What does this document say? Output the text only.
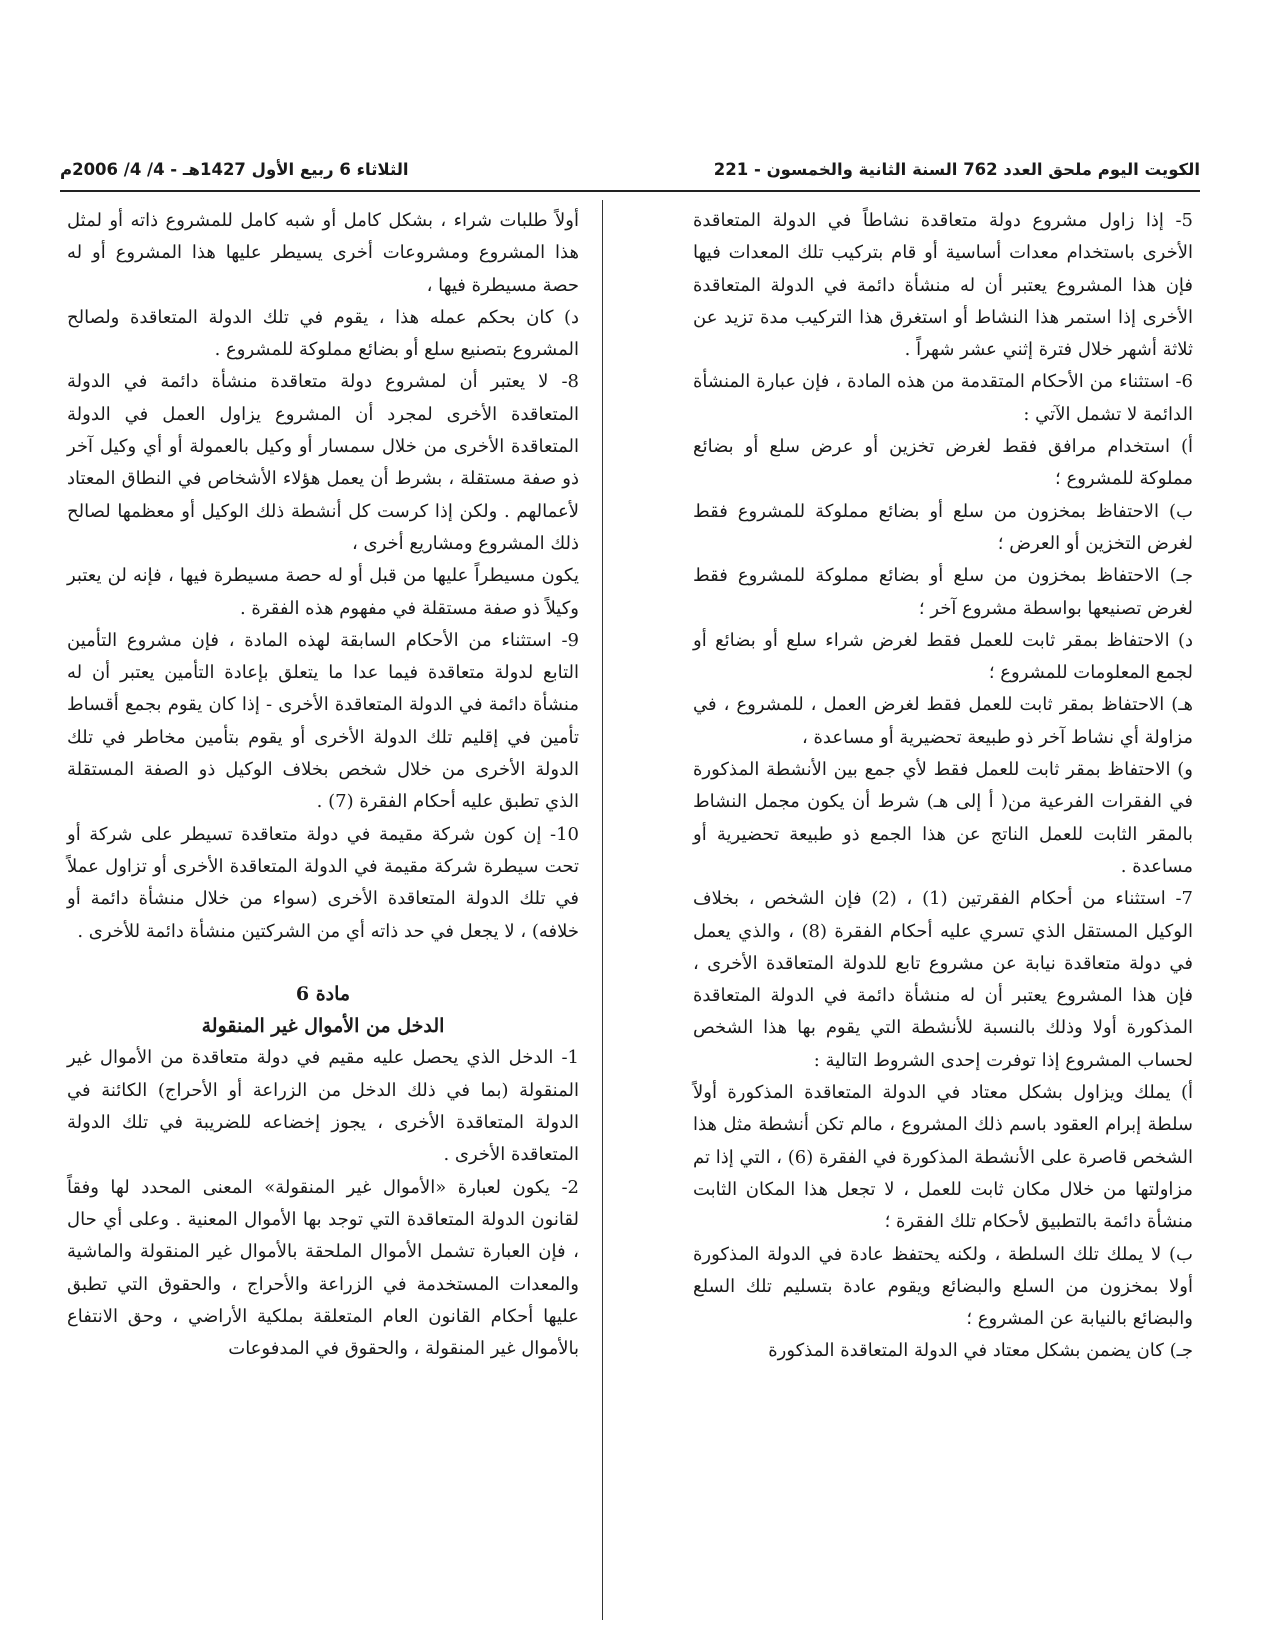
الكويت اليوم ملحق العدد 762 السنة الثانية والخمسون - 221
الثلاثاء 6 ربيع الأول 1427هـ - 4/ 4/ 2006م

5- إذا زاول مشروع دولة متعاقدة نشاطاً في الدولة المتعاقدة الأخرى باستخدام معدات أساسية أو قام بتركيب تلك المعدات فيها فإن هذا المشروع يعتبر أن له منشأة دائمة في الدولة المتعاقدة الأخرى إذا استمر هذا النشاط أو استغرق هذا التركيب مدة تزيد عن ثلاثة أشهر خلال فترة إثني عشر شهراً .

6- استثناء من الأحكام المتقدمة من هذه المادة ، فإن عبارة المنشأة الدائمة لا تشمل الآتي :

أ) استخدام مرافق فقط لغرض تخزين أو عرض سلع أو بضائع مملوكة للمشروع ؛

ب) الاحتفاظ بمخزون من سلع أو بضائع مملوكة للمشروع فقط لغرض التخزين أو العرض ؛

جـ) الاحتفاظ بمخزون من سلع أو بضائع مملوكة للمشروع فقط لغرض تصنيعها بواسطة مشروع آخر ؛

د) الاحتفاظ بمقر ثابت للعمل فقط لغرض شراء سلع أو بضائع أو لجمع المعلومات للمشروع ؛

هـ) الاحتفاظ بمقر ثابت للعمل فقط لغرض العمل ، للمشروع ، في مزاولة أي نشاط آخر ذو طبيعة تحضيرية أو مساعدة ،

و) الاحتفاظ بمقر ثابت للعمل فقط لأي جمع بين الأنشطة المذكورة في الفقرات الفرعية من( أ إلى هـ) شرط أن يكون مجمل النشاط بالمقر الثابت للعمل الناتج عن هذا الجمع ذو طبيعة تحضيرية أو مساعدة .

7- استثناء من أحكام الفقرتين (1) ، (2) فإن الشخص ، بخلاف الوكيل المستقل الذي تسري عليه أحكام الفقرة (8) ، والذي يعمل في دولة متعاقدة نيابة عن مشروع تابع للدولة المتعاقدة الأخرى ، فإن هذا المشروع يعتبر أن له منشأة دائمة في الدولة المتعاقدة المذكورة أولا وذلك بالنسبة للأنشطة التي يقوم بها هذا الشخص لحساب المشروع إذا توفرت إحدى الشروط التالية :

أ) يملك ويزاول بشكل معتاد في الدولة المتعاقدة المذكورة أولاً سلطة إبرام العقود باسم ذلك المشروع ، مالم تكن أنشطة مثل هذا الشخص قاصرة على الأنشطة المذكورة في الفقرة (6) ، التي إذا تم مزاولتها من خلال مكان ثابت للعمل ، لا تجعل هذا المكان الثابت منشأة دائمة بالتطبيق لأحكام تلك الفقرة ؛

ب) لا يملك تلك السلطة ، ولكنه يحتفظ عادة في الدولة المذكورة أولا بمخزون من السلع والبضائع ويقوم عادة بتسليم تلك السلع والبضائع بالنيابة عن المشروع ؛

جـ) كان يضمن بشكل معتاد في الدولة المتعاقدة المذكورة

أولاً طلبات شراء ، بشكل كامل أو شبه كامل للمشروع ذاته أو لمثل هذا المشروع ومشروعات أخرى يسيطر عليها هذا المشروع أو له حصة مسيطرة فيها ،

د) كان بحكم عمله هذا ، يقوم في تلك الدولة المتعاقدة ولصالح المشروع بتصنيع سلع أو بضائع مملوكة للمشروع .

8- لا يعتبر أن لمشروع دولة متعاقدة منشأة دائمة في الدولة المتعاقدة الأخرى لمجرد أن المشروع يزاول العمل في الدولة المتعاقدة الأخرى من خلال سمسار أو وكيل بالعمولة أو أي وكيل آخر ذو صفة مستقلة ، بشرط أن يعمل هؤلاء الأشخاص في النطاق المعتاد لأعمالهم . ولكن إذا كرست كل أنشطة ذلك الوكيل أو معظمها لصالح ذلك المشروع ومشاريع أخرى ،

يكون مسيطراً عليها من قبل أو له حصة مسيطرة فيها ، فإنه لن يعتبر وكيلاً ذو صفة مستقلة في مفهوم هذه الفقرة .

9- استثناء من الأحكام السابقة لهذه المادة ، فإن مشروع التأمين التابع لدولة متعاقدة فيما عدا ما يتعلق بإعادة التأمين يعتبر أن له منشأة دائمة في الدولة المتعاقدة الأخرى - إذا كان يقوم بجمع أقساط تأمين في إقليم تلك الدولة الأخرى أو يقوم بتأمين مخاطر في تلك الدولة الأخرى من خلال شخص بخلاف الوكيل ذو الصفة المستقلة الذي تطبق عليه أحكام الفقرة (7) .

10- إن كون شركة مقيمة في دولة متعاقدة تسيطر على شركة أو تحت سيطرة شركة مقيمة في الدولة المتعاقدة الأخرى أو تزاول عملاً في تلك الدولة المتعاقدة الأخرى (سواء من خلال منشأة دائمة أو خلافه) ، لا يجعل في حد ذاته أي من الشركتين منشأة دائمة للأخرى .

مادة 6

الدخل من الأموال غير المنقولة

1- الدخل الذي يحصل عليه مقيم في دولة متعاقدة من الأموال غير المنقولة (بما في ذلك الدخل من الزراعة أو الأحراج) الكائنة في الدولة المتعاقدة الأخرى ، يجوز إخضاعه للضريبة في تلك الدولة المتعاقدة الأخرى .

2- يكون لعبارة «الأموال غير المنقولة» المعنى المحدد لها وفقاً لقانون الدولة المتعاقدة التي توجد بها الأموال المعنية . وعلى أي حال ، فإن العبارة تشمل الأموال الملحقة بالأموال غير المنقولة والماشية والمعدات المستخدمة في الزراعة والأحراج ، والحقوق التي تطبق عليها أحكام القانون العام المتعلقة بملكية الأراضي ، وحق الانتفاع بالأموال غير المنقولة ، والحقوق في المدفوعات
